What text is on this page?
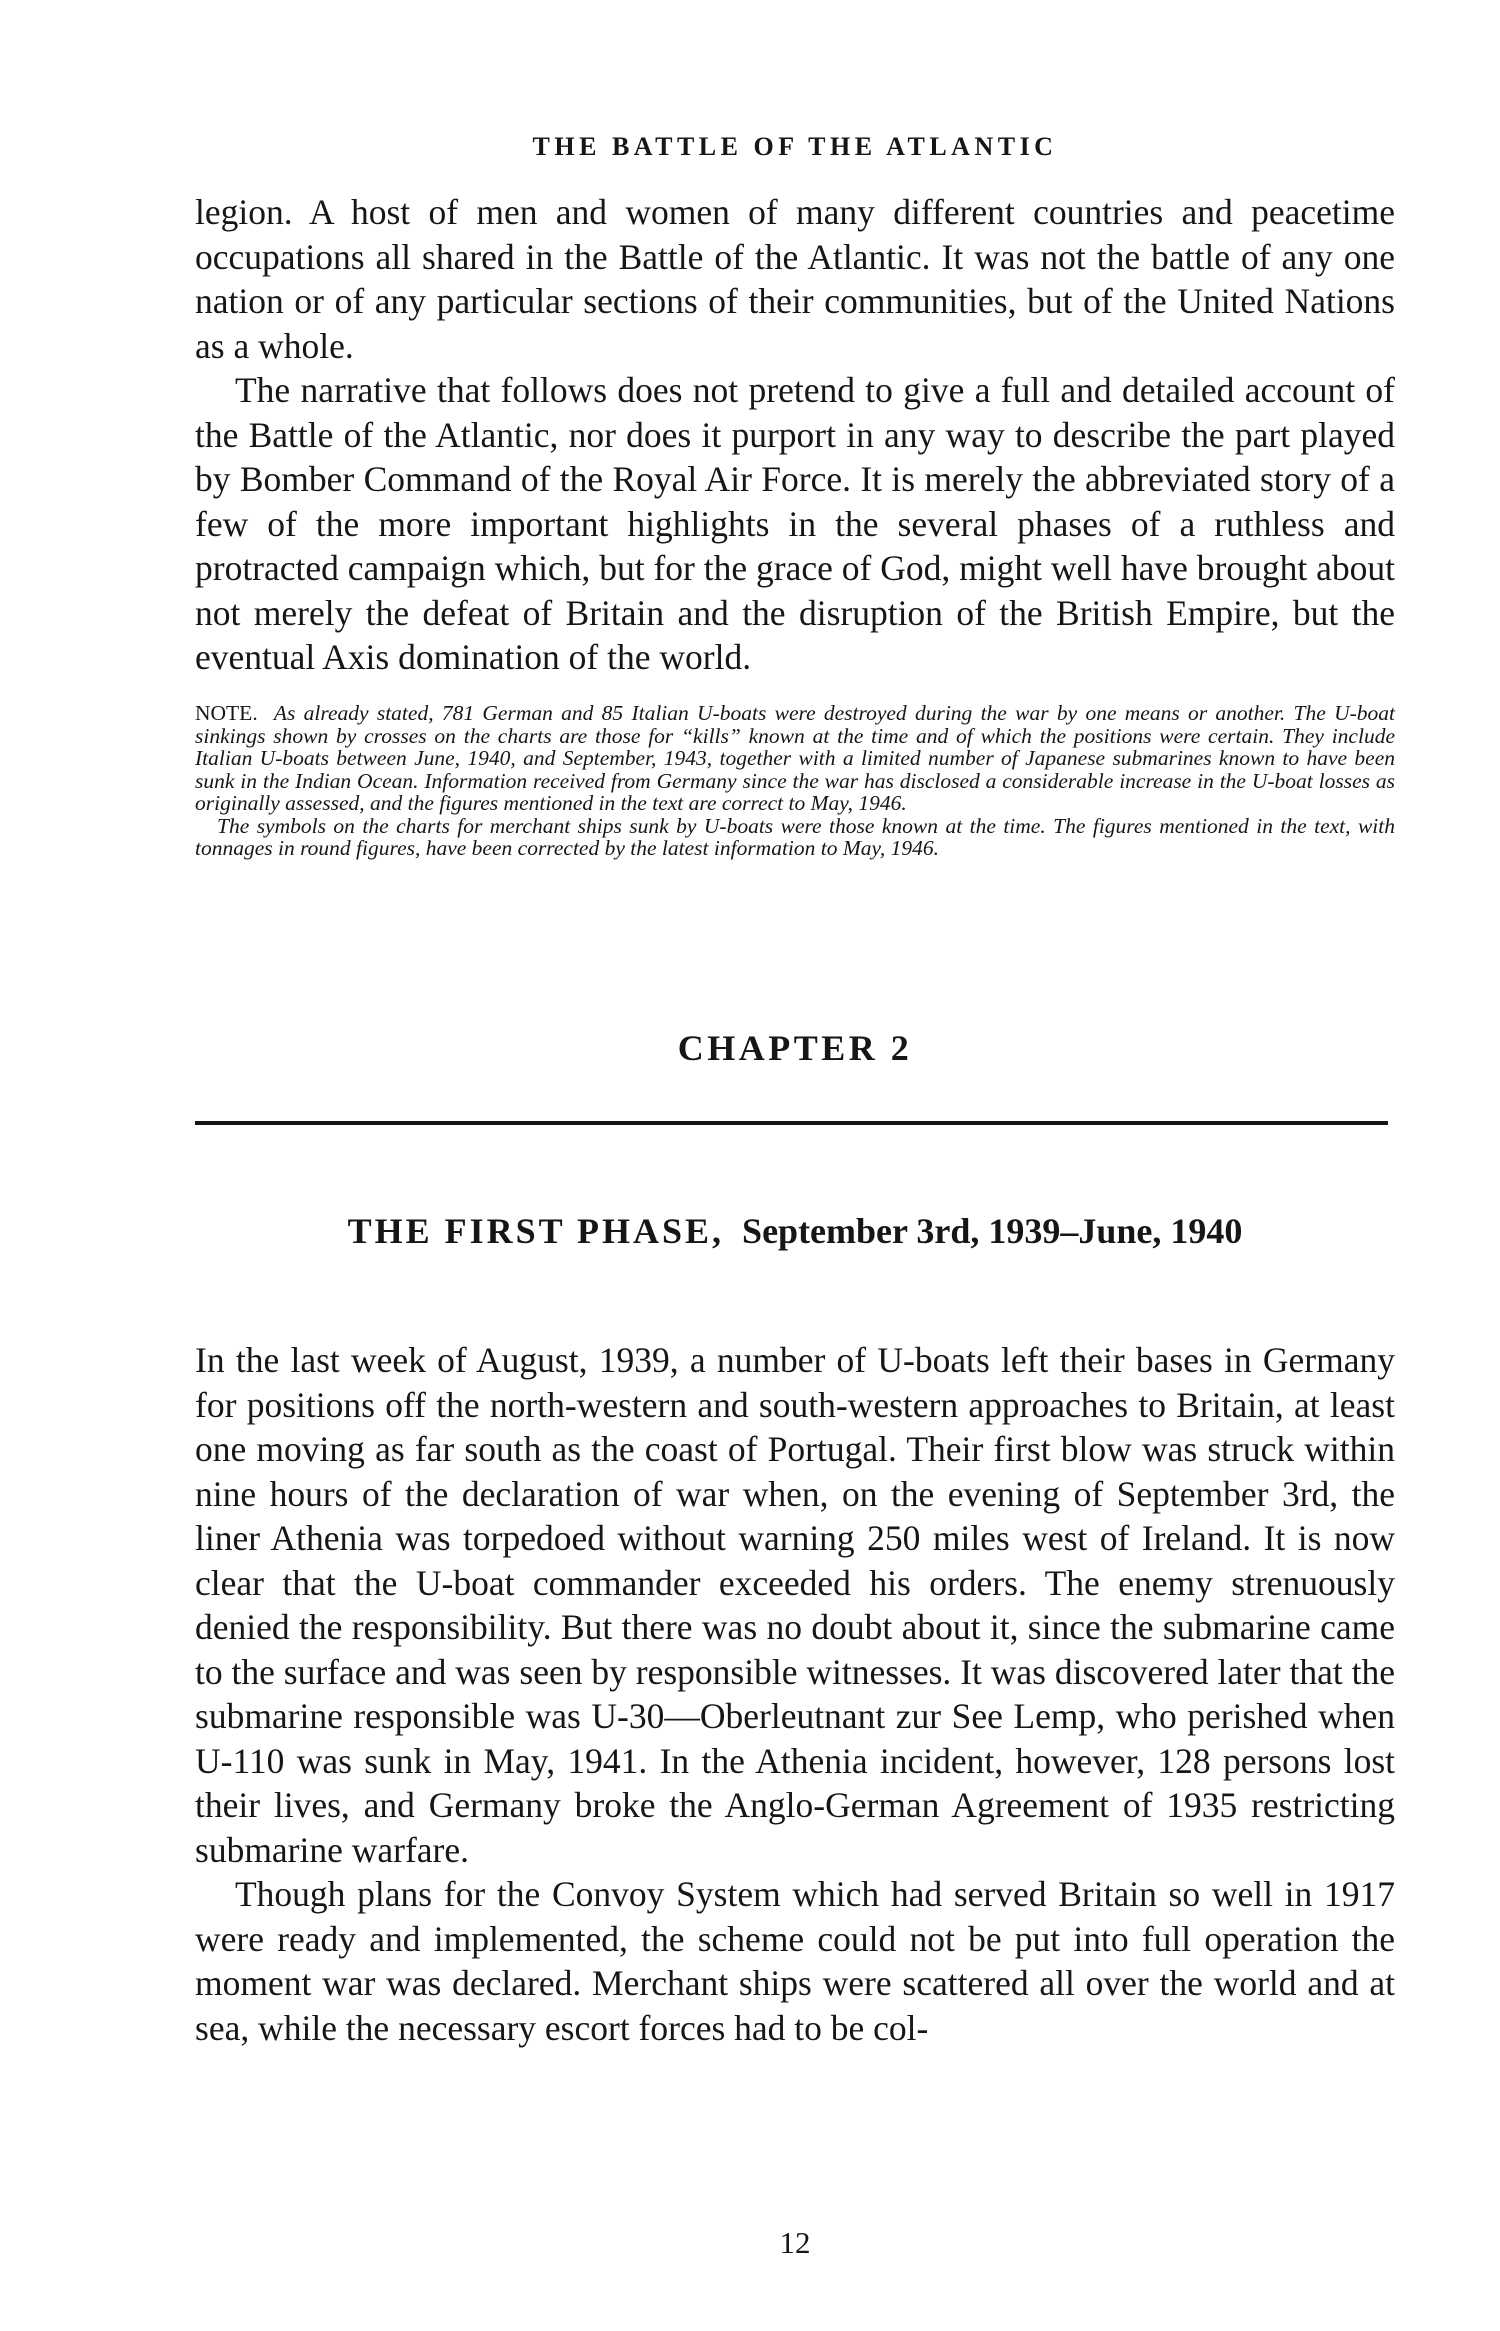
THE BATTLE OF THE ATLANTIC

legion. A host of men and women of many different countries and peacetime occupations all shared in the Battle of the Atlantic. It was not the battle of any one nation or of any particular sections of their communities, but of the United Nations as a whole.

The narrative that follows does not pretend to give a full and detailed account of the Battle of the Atlantic, nor does it purport in any way to describe the part played by Bomber Command of the Royal Air Force. It is merely the abbreviated story of a few of the more important highlights in the several phases of a ruthless and protracted campaign which, but for the grace of God, might well have brought about not merely the defeat of Britain and the disruption of the British Empire, but the eventual Axis domination of the world.

NOTE. As already stated, 781 German and 85 Italian U-boats were destroyed during the war by one means or another. The U-boat sinkings shown by crosses on the charts are those for “kills” known at the time and of which the positions were certain. They include Italian U-boats between June, 1940, and September, 1943, together with a limited number of Japanese submarines known to have been sunk in the Indian Ocean. Information received from Germany since the war has disclosed a considerable increase in the U-boat losses as originally assessed, and the figures mentioned in the text are correct to May, 1946.

The symbols on the charts for merchant ships sunk by U-boats were those known at the time. The figures mentioned in the text, with tonnages in round figures, have been corrected by the latest information to May, 1946.

CHAPTER 2
THE FIRST PHASE, September 3rd, 1939–June, 1940

In the last week of August, 1939, a number of U-boats left their bases in Germany for positions off the north-western and south-western approaches to Britain, at least one moving as far south as the coast of Portugal. Their first blow was struck within nine hours of the declaration of war when, on the evening of September 3rd, the liner Athenia was torpedoed without warning 250 miles west of Ireland. It is now clear that the U-boat commander exceeded his orders. The enemy strenuously denied the responsibility. But there was no doubt about it, since the submarine came to the surface and was seen by responsible witnesses. It was discovered later that the submarine responsible was U-30—Oberleutnant zur See Lemp, who perished when U-110 was sunk in May, 1941. In the Athenia incident, however, 128 persons lost their lives, and Germany broke the Anglo-German Agreement of 1935 restricting submarine warfare.

Though plans for the Convoy System which had served Britain so well in 1917 were ready and implemented, the scheme could not be put into full operation the moment war was declared. Merchant ships were scattered all over the world and at sea, while the necessary escort forces had to be col-

12
